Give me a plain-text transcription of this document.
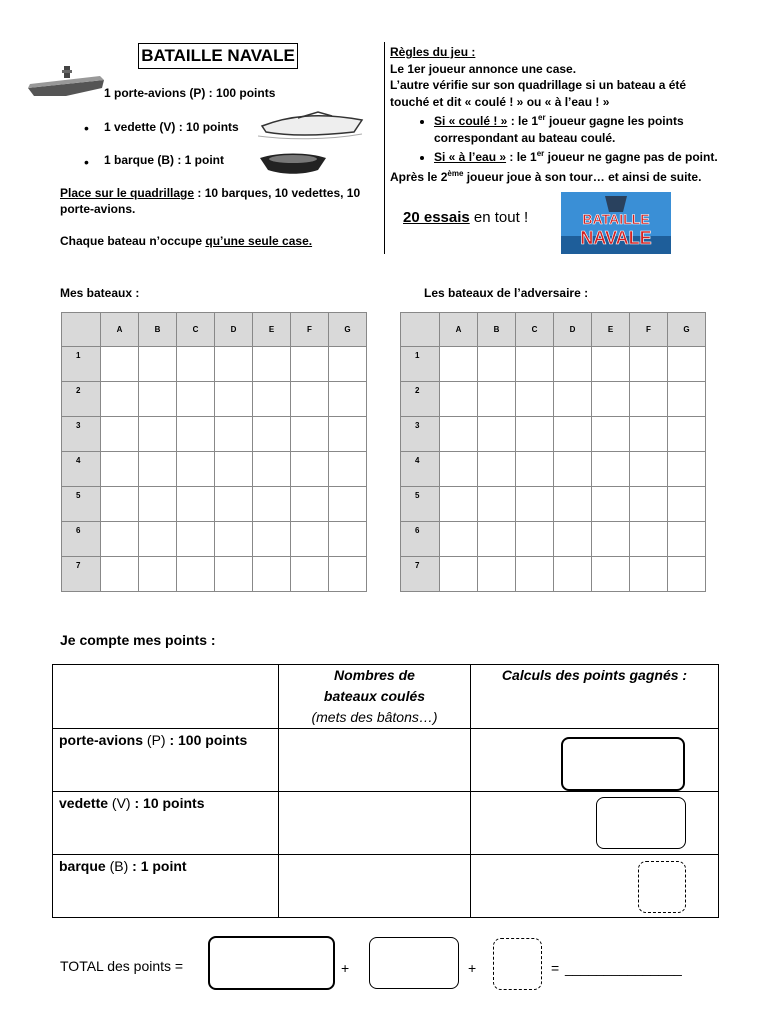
BATAILLE NAVALE
1 porte-avions (P) : 100 points
• 1 vedette (V) : 10 points
• 1 barque (B) : 1 point
Place sur le quadrillage : 10 barques, 10 vedettes, 10 porte-avions.
Chaque bateau n’occupe qu’une seule case.

Règles du jeu :

Le 1er joueur annonce une case.

L’autre vérifie sur son quadrillage si un bateau a été touché et dit « coulé ! » ou « à l’eau ! »

• Si « coulé ! » : le 1er joueur gagne les points correspondant au bateau coulé.
• Si « à l’eau » : le 1er joueur ne gagne pas de point.

Après le 2ème joueur joue à son tour… et ainsi de suite.

20 essais en tout !	BATAILLE
NAVALE
Mes bateaux :	Les bateaux de l’adversaire :
	A	B	C	D	E	F	G
1							
2							
3							
4							
5							
6							
7							
	A	B	C	D	E	F	G
1							
2							
3							
4							
5							
6							
7							
Je compte mes points :

	Nombres de
bateaux coulés
(mets des bâtons…)	Calculs des points gagnés :
porte-avions (P) : 100 points		
vedette (V) : 10 points		
barque (B) : 1 point		
TOTAL des points =	+	+	= _______________
